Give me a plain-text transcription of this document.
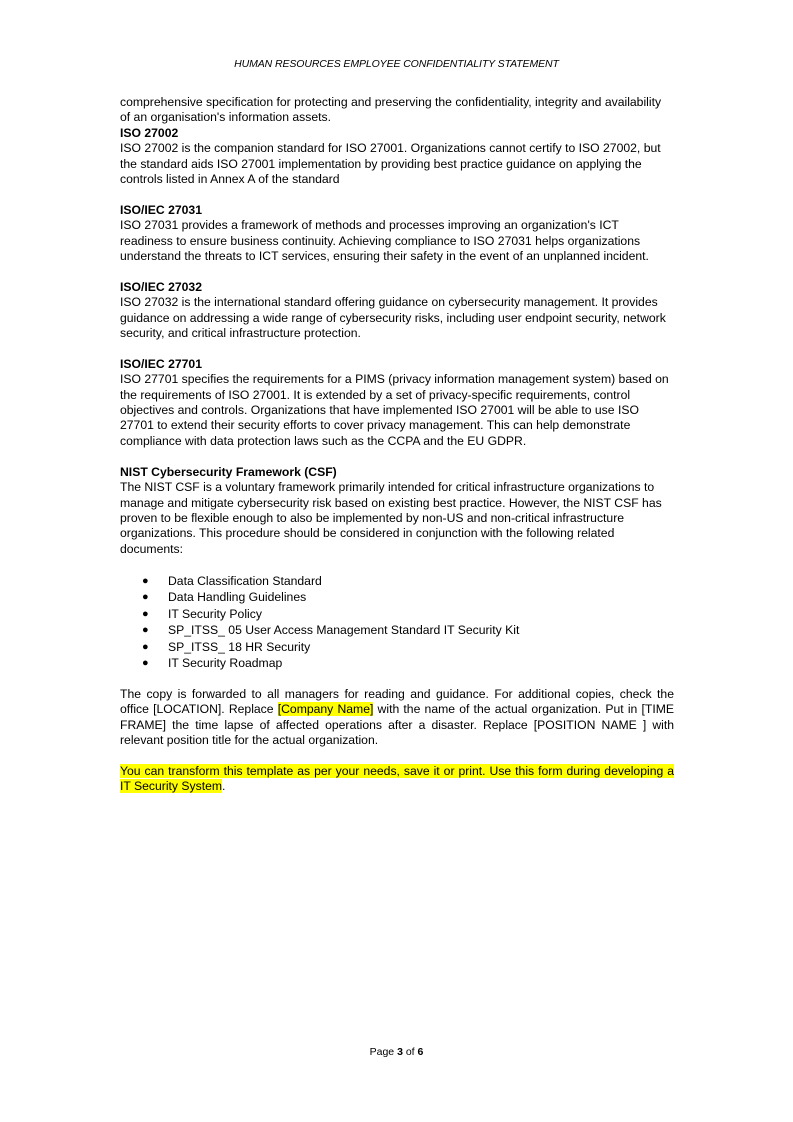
HUMAN RESOURCES EMPLOYEE CONFIDENTIALITY STATEMENT

comprehensive specification for protecting and preserving the confidentiality, integrity and availability of an organisation's information assets.

ISO 27002

ISO 27002 is the companion standard for ISO 27001. Organizations cannot certify to ISO 27002, but the standard aids ISO 27001 implementation by providing best practice guidance on applying the controls listed in Annex A of the standard

ISO/IEC 27031

ISO 27031 provides a framework of methods and processes improving an organization's ICT readiness to ensure business continuity. Achieving compliance to ISO 27031 helps organizations understand the threats to ICT services, ensuring their safety in the event of an unplanned incident.

ISO/IEC 27032

ISO 27032 is the international standard offering guidance on cybersecurity management. It provides guidance on addressing a wide range of cybersecurity risks, including user endpoint security, network security, and critical infrastructure protection.

ISO/IEC 27701

ISO 27701 specifies the requirements for a PIMS (privacy information management system) based on the requirements of ISO 27001. It is extended by a set of privacy-specific requirements, control objectives and controls. Organizations that have implemented ISO 27001 will be able to use ISO 27701 to extend their security efforts to cover privacy management. This can help demonstrate compliance with data protection laws such as the CCPA and the EU GDPR.

NIST Cybersecurity Framework (CSF)

The NIST CSF is a voluntary framework primarily intended for critical infrastructure organizations to manage and mitigate cybersecurity risk based on existing best practice. However, the NIST CSF has proven to be flexible enough to also be implemented by non-US and non-critical infrastructure organizations. This procedure should be considered in conjunction with the following related documents:

● Data Classification Standard
● Data Handling Guidelines
● IT Security Policy
● SP_ITSS_ 05 User Access Management Standard IT Security Kit
● SP_ITSS_ 18 HR Security
● IT Security Roadmap

The copy is forwarded to all managers for reading and guidance. For additional copies, check the office [LOCATION]. Replace [Company Name] with the name of the actual organization. Put in [TIME FRAME] the time lapse of affected operations after a disaster. Replace [POSITION NAME ] with relevant position title for the actual organization.

You can transform this template as per your needs, save it or print. Use this form during developing a IT Security System.

Page 3 of 6
